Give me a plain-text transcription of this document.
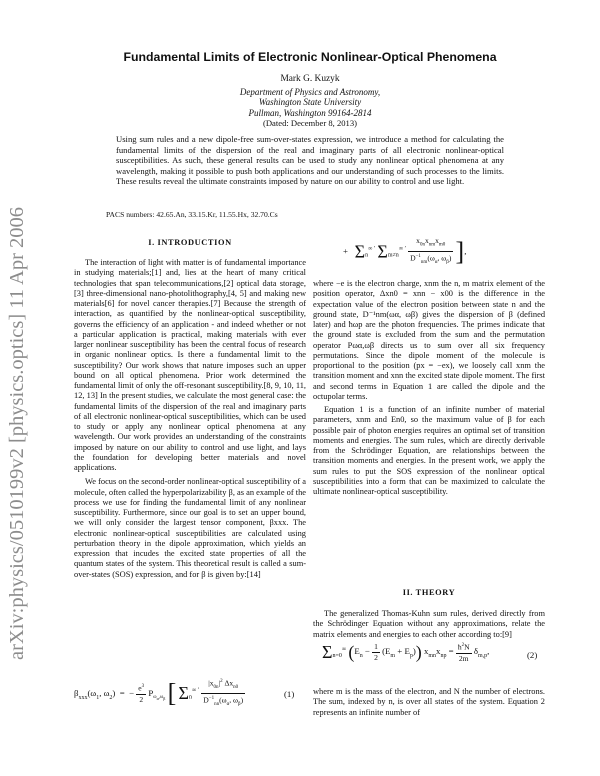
arXiv:physics/0510199v2 [physics.optics] 11 Apr 2006
Fundamental Limits of Electronic Nonlinear-Optical Phenomena
Mark G. Kuzyk
Department of Physics and Astronomy,
Washington State University
Pullman, Washington 99164-2814
(Dated: December 8, 2013)
Using sum rules and a new dipole-free sum-over-states expression, we introduce a method for calculating the fundamental limits of the dispersion of the real and imaginary parts of all electronic nonlinear-optical susceptibilities. As such, these general results can be used to study any nonlinear optical phenomena at any wavelength, making it possible to push both applications and our understanding of such processes to the limits. These results reveal the ultimate constraints imposed by nature on our ability to control and use light.
PACS numbers: 42.65.An, 33.15.Kr, 11.55.Hx, 32.70.Cs
I. INTRODUCTION

The interaction of light with matter is of fundamental importance in studying materials;[1] and, lies at the heart of many critical technologies that span telecommunications,[2] optical data storage,[3] three-dimensional nano-photolithography,[4, 5] and making new materials[6] for novel cancer therapies.[7] Because the strength of interaction, as quantified by the nonlinear-optical susceptibility, governs the efficiency of an application - and indeed whether or not a particular application is practical, making materials with ever larger nonlinear susceptibility has been the central focus of research in organic nonlinear optics. Is there a fundamental limit to the susceptibility? Our work shows that nature imposes such an upper bound on all optical phenomena. Prior work determined the fundamental limit of only the off-resonant susceptibility.[8, 9, 10, 11, 12, 13] In the present studies, we calculate the most general case: the fundamental limits of the dispersion of the real and imaginary parts of all electronic nonlinear-optical susceptibilities, which can be used to study or apply any nonlinear optical phenomena at any wavelength. Our work provides an understanding of the constraints imposed by nature on our ability to control and use light, and lays the foundation for developing better materials and novel applications.

We focus on the second-order nonlinear-optical susceptibility of a molecule, often called the hyperpolarizability β, as an example of the process we use for finding the fundamental limit of any nonlinear susceptibility. Furthermore, since our goal is to set an upper bound, we will only consider the largest tensor component, βxxx. The electronic nonlinear-optical susceptibilities are calculated using perturbation theory in the dipole approximation, which yields an expression that incudes the excited state properties of all the quantum states of the system. This theoretical result is called a sum-over-states (SOS) expression, and for β is given by:[14]

$\beta_{xxx}(\omega_1$, $\omega_2$)  =  − $\frac{e^3}{2} P_{\omega_\alpha,\omega_\beta}$ [ $\Sigma_n^{\infty '} \frac{|x_{0n}|^2 \Delta x_{n0}}{D^{-1}_{nn}(\omega_\alpha, \omega_\beta)}$	(1)
+   $\Sigma_n^{\infty '}$ $\Sigma_{m\ne n}^{\infty '} \frac{x_{0n}x_{nm}x_{m0}}{D^{-1}_{nm}(\omega_\alpha, \omega_\beta)}$ ],

where −e is the electron charge, xnm the n, m matrix element of the position operator, Δxn0 = xnn − x00 is the difference in the expectation value of the electron position between state n and the ground state, D⁻¹nm(ωα, ωβ) gives the dispersion of β (defined later) and ħωp are the photon frequencies. The primes indicate that the ground state is excluded from the sum and the permutation operator Pωα,ωβ directs us to sum over all six frequency permutations. Since the dipole moment of the molecule is proportional to the position (px = −ex), we loosely call xnm the transition moment and xnn the excited state dipole moment. The first and second terms in Equation 1 are called the dipole and the octupolar terms.

Equation 1 is a function of an infinite number of material parameters, xnm and En0, so the maximum value of β for each possible pair of photon energies requires an optimal set of transition moments and energies. The sum rules, which are directly derivable from the Schrödinger Equation, are relationships between the transition moments and energies. In the present work, we apply the sum rules to put the SOS expression of the nonlinear optical susceptibilities into a form that can be maximized to calculate the ultimate nonlinear-optical susceptibility.

II. THEORY

The generalized Thomas-Kuhn sum rules, derived directly from the Schrödinger Equation without any approximations, relate the matrix elements and energies to each other according to:[9]

$\Sigma_{n=0}^\infty$ $(E_n - \frac{1}{2} (E_m + E_p)) x_{mn}x_{np} = \frac{ħ^2N}{2m} \delta_{m,p}$,	(2)

where m is the mass of the electron, and N the number of electrons. The sum, indexed by n, is over all states of the system. Equation 2 represents an infinite number of
